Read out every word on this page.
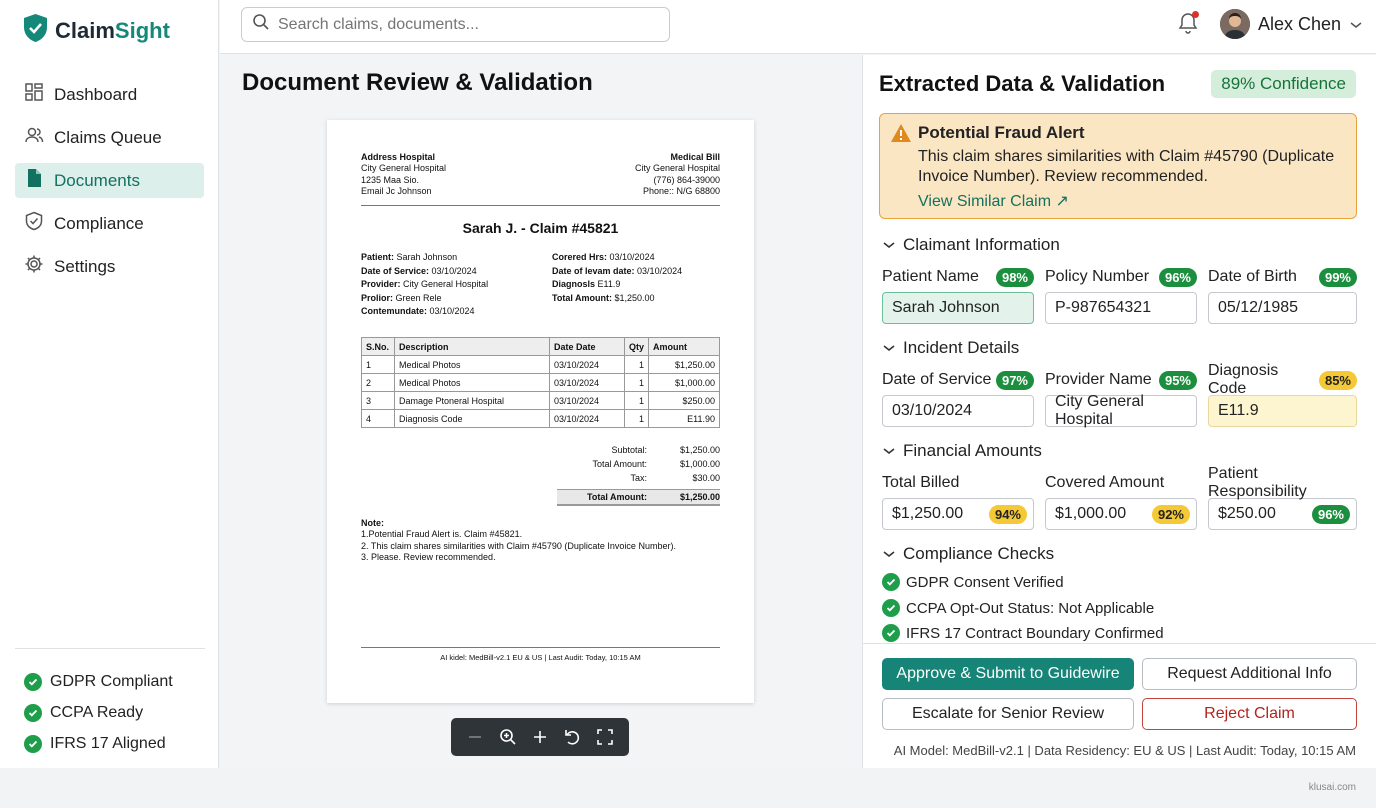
ClaimSight
Dashboard
Claims Queue
Documents
Compliance
Settings
GDPR Compliant
CCPA Ready
IFRS 17 Aligned
Search claims, documents...
Alex Chen
Document Review & Validation
Address Hospital
City General Hospital
1235 Maa Sio.
Email Jc Johnson
Medical Bill
City General Hospital
(776) 864-39000
Phone:: N/G 68800
Sarah J. - Claim #45821
Patient: Sarah Johnson
Date of Service: 03/10/2024
Provider: City General Hospital
Prolior: Green Rele
Contemundate: 03/10/2024
Corered Hrs: 03/10/2024
Date of levam date: 03/10/2024
Diagnosls E11.9
Total Amount: $1,250.00
S.No.	Description	Date Date	Qty	Amount
1	Medical Photos	03/10/2024	1	$1,250.00
2	Medical Photos	03/10/2024	1	$1,000.00
3	Damage Ptoneral Hospital	03/10/2024	1	$250.00
4	Diagnosis Code	03/10/2024	1	E11.90
Subtotal:	$1,250.00
Total Amount:	$1,000.00
Tax:	$30.00
Total Amount:	$1,250.00
Note:
1.Potential Fraud Alert is. Claim #45821.
2. This claim shares similarities with Claim #45790 (Duplicate Invoice Number).
3. Please. Review recommended.
AI kidel: MedBill-v2.1 EU & US | Last Audit: Today, 10:15 AM
Extracted Data & Validation	89% Confidence
Potential Fraud Alert
This claim shares similarities with Claim #45790 (Duplicate Invoice Number). Review recommended.
View Similar Claim ↗
Claimant Information
Patient Name	98%
Sarah Johnson
Policy Number	96%
P-987654321
Date of Birth	99%
05/12/1985
Incident Details
Date of Service 97%
03/10/2024
Provider Name	95%
City General Hospital
Diagnosis Code	85%
E11.9
Financial Amounts
Total Billed
$1,250.00	94%
Covered Amount
$1,000.00	92%
Patient Responsibility
$250.00	96%
Compliance Checks
GDPR Consent Verified
CCPA Opt-Out Status: Not Applicable
IFRS 17 Contract Boundary Confirmed
Approve & Submit to Guidewire	Request Additional Info
Escalate for Senior Review	Reject Claim
AI Model: MedBill-v2.1 | Data Residency: EU & US | Last Audit: Today, 10:15 AM
klusai.com
